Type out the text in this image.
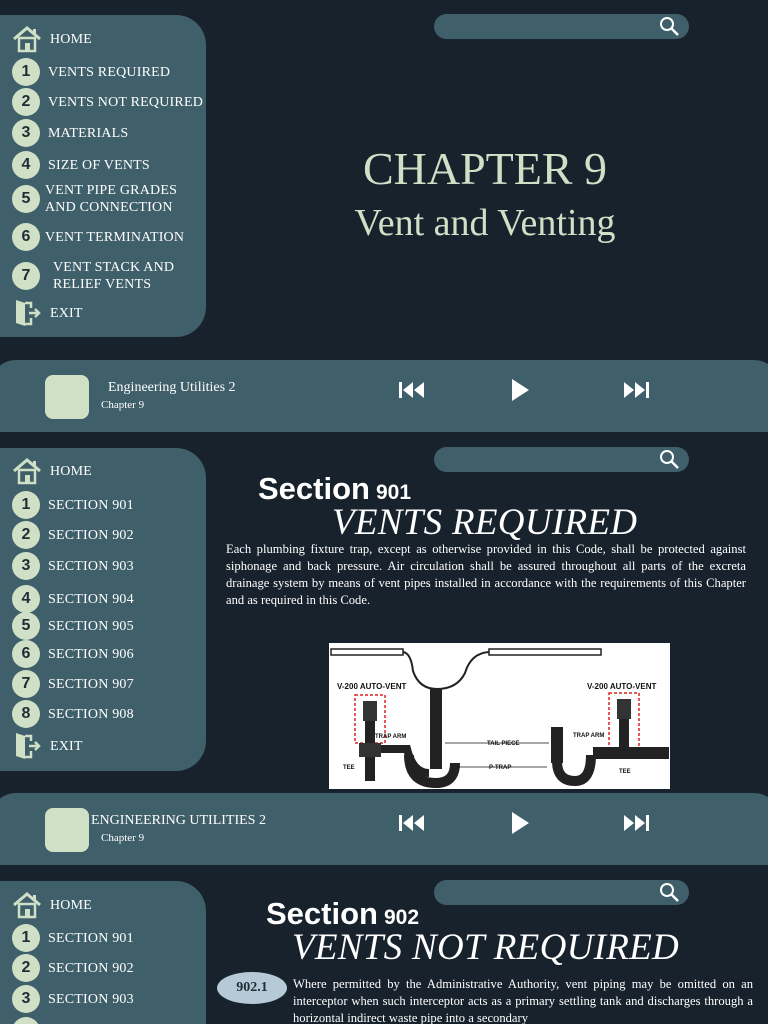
HOME
1	VENTS REQUIRED
2	VENTS NOT REQUIRED
3	MATERIALS
4	SIZE OF VENTS
5	VENT PIPE GRADES
AND CONNECTION
6	VENT TERMINATION
7	VENT STACK AND
RELIEF VENTS
EXIT
CHAPTER 9
Vent and Venting
Engineering Utilities 2
Chapter 9
HOME
1	SECTION 901
2	SECTION 902
3	SECTION 903
4	SECTION 904
5	SECTION 905
6	SECTION 906
7	SECTION 907
8	SECTION 908
EXIT
Section 901
VENTS REQUIRED
Each plumbing fixture trap, except as otherwise provided in this Code, shall be protected against siphonage and back pressure. Air circulation shall be assured throughout all parts of the excreta drainage system by means of vent pipes installed in accordance with the requirements of this Chapter and as required in this Code.
ENGINEERING UTILITIES 2
Chapter 9
V-200 AUTO-VENT
TRAP ARM
TAIL PIECE
P-TRAP
TEE
V-200 AUTO-VENT
TRAP ARM
TEE
HOME
1	SECTION 901
2	SECTION 902
3	SECTION 903
Section 902
VENTS NOT REQUIRED
Where permitted by the Administrative Authority, vent piping may be omitted on an interceptor when such interceptor acts as a primary settling tank and discharges through a horizontal indirect waste pipe into a secondary
902.1
